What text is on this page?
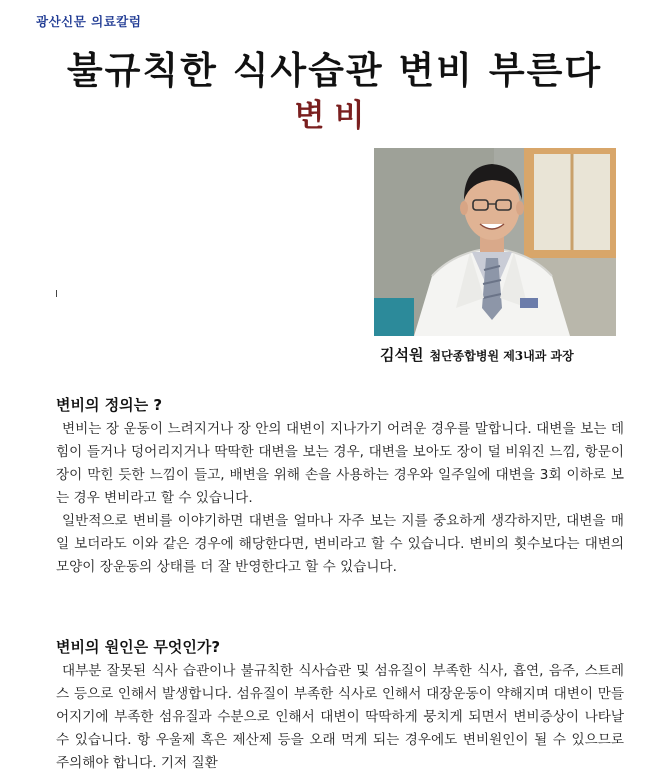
광산신문 의료칼럼
불규칙한 식사습관 변비 부른다
변비
김석원 첨단종합병원 제3내과 과장
변비의 정의는 ?

변비는 장 운동이 느려지거나 장 안의 대변이 지나가기 어려운 경우를 말합니다. 대변을 보는 데 힘이 들거나 덩어리지거나 딱딱한 대변을 보는 경우, 대변을 보아도 장이 덜 비워진 느낌, 항문이 장이 막힌 듯한 느낌이 들고, 배변을 위해 손을 사용하는 경우와 일주일에 대변을 3회 이하로 보는 경우 변비라고 할 수 있습니다.

일반적으로 변비를 이야기하면 대변을 얼마나 자주 보는 지를 중요하게 생각하지만, 대변을 매일 보더라도 이와 같은 경우에 해당한다면, 변비라고 할 수 있습니다. 변비의 횟수보다는 대변의 모양이 장운동의 상태를 더 잘 반영한다고 할 수 있습니다.

변비의 원인은 무엇인가?

대부분 잘못된 식사 습관이나 불규칙한 식사습관 및 섬유질이 부족한 식사, 흡연, 음주, 스트레스 등으로 인해서 발생합니다. 섬유질이 부족한 식사로 인해서 대장운동이 약해지며 대변이 만들어지기에 부족한 섬유질과 수분으로 인해서 대변이 딱딱하게 뭉치게 되면서 변비증상이 나타날 수 있습니다. 항 우울제 혹은 제산제 등을 오래 먹게 되는 경우에도 변비원인이 될 수 있으므로 주의해야 합니다. 기저 질환
